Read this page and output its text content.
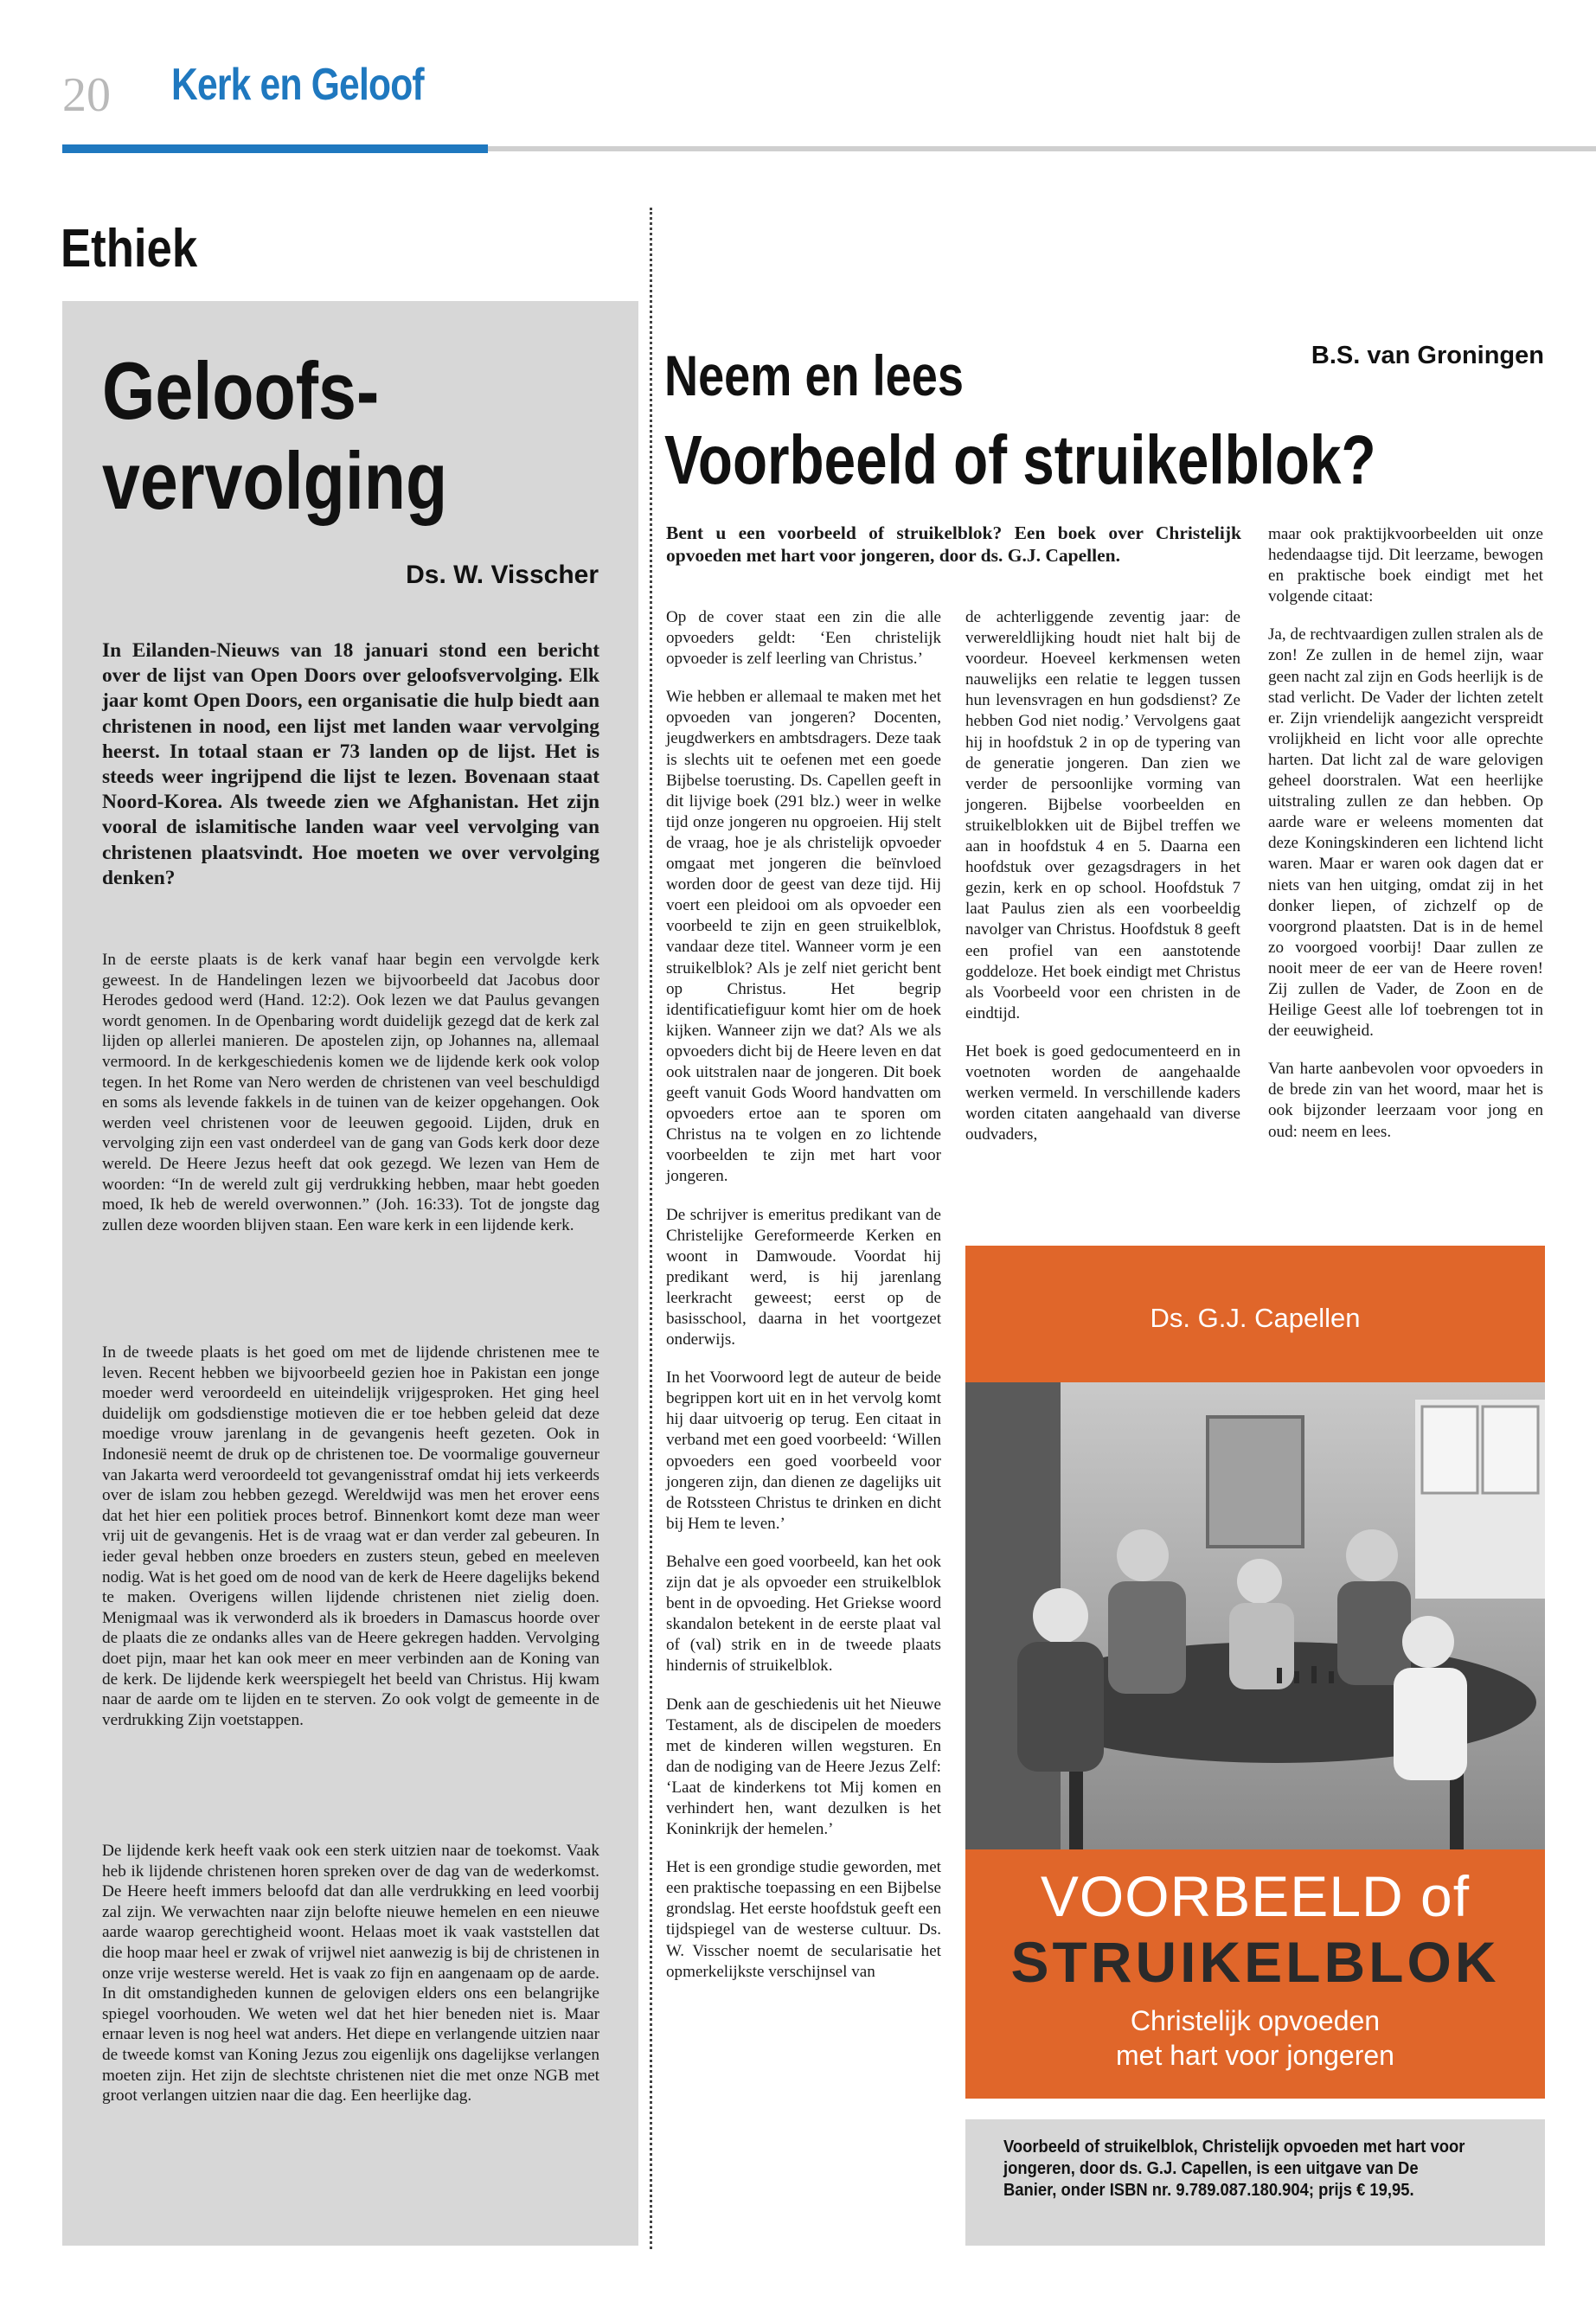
20 Kerk en Geloof
Ethiek
Geloofs-
vervolging
Ds. W. Visscher
In Eilanden-Nieuws van 18 januari stond een bericht over de lijst van Open Doors over geloofsvervolging. Elk jaar komt Open Doors, een organisatie die hulp biedt aan christenen in nood, een lijst met landen waar vervolging heerst. In totaal staan er 73 landen op de lijst. Het is steeds weer ingrijpend die lijst te lezen. Bovenaan staat Noord-Korea. Als tweede zien we Afghanistan. Het zijn vooral de islamitische landen waar veel vervolging van christenen plaatsvindt. Hoe moeten we over vervolging denken?
In de eerste plaats is de kerk vanaf haar begin een vervolgde kerk geweest. In de Handelingen lezen we bijvoorbeeld dat Jacobus door Herodes gedood werd (Hand. 12:2). Ook lezen we dat Paulus gevangen wordt genomen. In de Openbaring wordt duidelijk gezegd dat de kerk zal lijden op allerlei manieren. De apostelen zijn, op Johannes na, allemaal vermoord. In de kerkgeschiedenis komen we de lijdende kerk ook volop tegen. In het Rome van Nero werden de christenen van veel beschuldigd en soms als levende fakkels in de tuinen van de keizer opgehangen. Ook werden veel christenen voor de leeuwen gegooid. Lijden, druk en vervolging zijn een vast onderdeel van de gang van Gods kerk door deze wereld. De Heere Jezus heeft dat ook gezegd. We lezen van Hem de woorden: “In de wereld zult gij verdrukking hebben, maar hebt goeden moed, Ik heb de wereld overwonnen.” (Joh. 16:33). Tot de jongste dag zullen deze woorden blijven staan. Een ware kerk in een lijdende kerk.
In de tweede plaats is het goed om met de lijdende christenen mee te leven. Recent hebben we bijvoorbeeld gezien hoe in Pakistan een jonge moeder werd veroordeeld en uiteindelijk vrijgesproken. Het ging heel duidelijk om godsdienstige motieven die er toe hebben geleid dat deze moedige vrouw jarenlang in de gevangenis heeft gezeten. Ook in Indonesië neemt de druk op de christenen toe. De voormalige gouverneur van Jakarta werd veroordeeld tot gevangenisstraf omdat hij iets verkeerds over de islam zou hebben gezegd. Wereldwijd was men het erover eens dat het hier een politiek proces betrof. Binnenkort komt deze man weer vrij uit de gevangenis. Het is de vraag wat er dan verder zal gebeuren. In ieder geval hebben onze broeders en zusters steun, gebed en meeleven nodig. Wat is het goed om de nood van de kerk de Heere dagelijks bekend te maken. Overigens willen lijdende christenen niet zielig doen. Menigmaal was ik verwonderd als ik broeders in Damascus hoorde over de plaats die ze ondanks alles van de Heere gekregen hadden. Vervolging doet pijn, maar het kan ook meer en meer verbinden aan de Koning van de kerk. De lijdende kerk weerspiegelt het beeld van Christus. Hij kwam naar de aarde om te lijden en te sterven. Zo ook volgt de gemeente in de verdrukking Zijn voetstappen.
De lijdende kerk heeft vaak ook een sterk uitzien naar de toekomst. Vaak heb ik lijdende christenen horen spreken over de dag van de wederkomst. De Heere heeft immers beloofd dat dan alle verdrukking en leed voorbij zal zijn. We verwachten naar zijn belofte nieuwe hemelen en een nieuwe aarde waarop gerechtigheid woont. Helaas moet ik vaak vaststellen dat die hoop maar heel er zwak of vrijwel niet aanwezig is bij de christenen in onze vrije westerse wereld. Het is vaak zo fijn en aangenaam op de aarde. In dit omstandigheden kunnen de gelovigen elders ons een belangrijke spiegel voorhouden. We weten wel dat het hier beneden niet is. Maar ernaar leven is nog heel wat anders. Het diepe en verlangende uitzien naar de tweede komst van Koning Jezus zou eigenlijk ons dagelijkse verlangen moeten zijn. Het zijn de slechtste christenen niet die met onze NGB met groot verlangen uitzien naar die dag. Een heerlijke dag.
Neem en lees	B.S. van Groningen
Voorbeeld of struikelblok?
Bent u een voorbeeld of struikelblok? Een boek over Christelijk opvoeden met hart voor jongeren, door ds. G.J. Capellen.

Op de cover staat een zin die alle opvoeders geldt: ‘Een christelijk opvoeder is zelf leerling van Christus.’

Wie hebben er allemaal te maken met het opvoeden van jongeren? Docenten, jeugdwerkers en ambtsdragers. Deze taak is slechts uit te oefenen met een goede Bijbelse toerusting. Ds. Capellen geeft in dit lijvige boek (291 blz.) weer in welke tijd onze jongeren nu opgroeien. Hij stelt de vraag, hoe je als christelijk opvoeder omgaat met jongeren die beïnvloed worden door de geest van deze tijd. Hij voert een pleidooi om als opvoeder een voorbeeld te zijn en geen struikelblok, vandaar deze titel. Wanneer vorm je een struikelblok? Als je zelf niet gericht bent op Christus. Het begrip identificatiefiguur komt hier om de hoek kijken. Wanneer zijn we dat? Als we als opvoeders dicht bij de Heere leven en dat ook uitstralen naar de jongeren. Dit boek geeft vanuit Gods Woord handvatten om opvoeders ertoe aan te sporen om Christus na te volgen en zo lichtende voorbeelden te zijn met hart voor jongeren.

De schrijver is emeritus predikant van de Christelijke Gereformeerde Kerken en woont in Damwoude. Voordat hij predikant werd, is hij jarenlang leerkracht geweest; eerst op de basisschool, daarna in het voortgezet onderwijs.

In het Voorwoord legt de auteur de beide begrippen kort uit en in het vervolg komt hij daar uitvoerig op terug. Een citaat in verband met een goed voorbeeld: ‘Willen opvoeders een goed voorbeeld voor jongeren zijn, dan dienen ze dagelijks uit de Rotssteen Christus te drinken en dicht bij Hem te leven.’

Behalve een goed voorbeeld, kan het ook zijn dat je als opvoeder een struikelblok bent in de opvoeding. Het Griekse woord skandalon betekent in de eerste plaat val of (val) strik en in de tweede plaats hindernis of struikelblok.

Denk aan de geschiedenis uit het Nieuwe Testament, als de discipelen de moeders met de kinderen willen wegsturen. En dan de nodiging van de Heere Jezus Zelf: ‘Laat de kinderkens tot Mij komen en verhindert hen, want dezulken is het Koninkrijk der hemelen.’

Het is een grondige studie geworden, met een praktische toepassing en een Bijbelse grondslag. Het eerste hoofdstuk geeft een tijdspiegel van de westerse cultuur. Ds. W. Visscher noemt de secularisatie het opmerkelijkste verschijnsel van

de achterliggende zeventig jaar: de verwereldlijking houdt niet halt bij de voordeur. Hoeveel kerkmensen weten nauwelijks een relatie te leggen tussen hun levensvragen en hun godsdienst? Ze hebben God niet nodig.’ Vervolgens gaat hij in hoofdstuk 2 in op de typering van de generatie jongeren. Dan zien we verder de persoonlijke vorming van jongeren. Bijbelse voorbeelden en struikelblokken uit de Bijbel treffen we aan in hoofdstuk 4 en 5. Daarna een hoofdstuk over gezagsdragers in het gezin, kerk en op school. Hoofdstuk 7 laat Paulus zien als een voorbeeldig navolger van Christus. Hoofdstuk 8 geeft een profiel van een aanstotende goddeloze. Het boek eindigt met Christus als Voorbeeld voor een christen in de eindtijd.

Het boek is goed gedocumenteerd en in voetnoten worden de aangehaalde werken vermeld. In verschillende kaders worden citaten aangehaald van diverse oudvaders,

maar ook praktijkvoorbeelden uit onze hedendaagse tijd. Dit leerzame, bewogen en praktische boek eindigt met het volgende citaat:

Ja, de rechtvaardigen zullen stralen als de zon! Ze zullen in de hemel zijn, waar geen nacht zal zijn en Gods heerlijk is de stad verlicht. De Vader der lichten zetelt er. Zijn vriendelijk aangezicht verspreidt vrolijkheid en licht voor alle oprechte harten. Dat licht zal de ware gelovigen geheel doorstralen. Wat een heerlijke uitstraling zullen ze dan hebben. Op aarde ware er weleens momenten dat deze Koningskinderen een lichtend licht waren. Maar er waren ook dagen dat er niets van hen uitging, omdat zij in het donker liepen, of zichzelf op de voorgrond plaatsten. Dat is in de hemel zo voorgoed voorbij! Daar zullen ze nooit meer de eer van de Heere roven! Zij zullen de Vader, de Zoon en de Heilige Geest alle lof toebrengen tot in der eeuwigheid.

Van harte aanbevolen voor opvoeders in de brede zin van het woord, maar het is ook bijzonder leerzaam voor jong en oud: neem en lees.

Ds. G.J. Capellen
VOORBEELD of
STRUIKELBLOK
Christelijk opvoeden
met hart voor jongeren
Voorbeeld of struikelblok, Christelijk opvoeden met hart voor jongeren, door ds. G.J. Capellen, is een uitgave van De Banier, onder ISBN nr. 9.789.087.180.904; prijs € 19,95.
